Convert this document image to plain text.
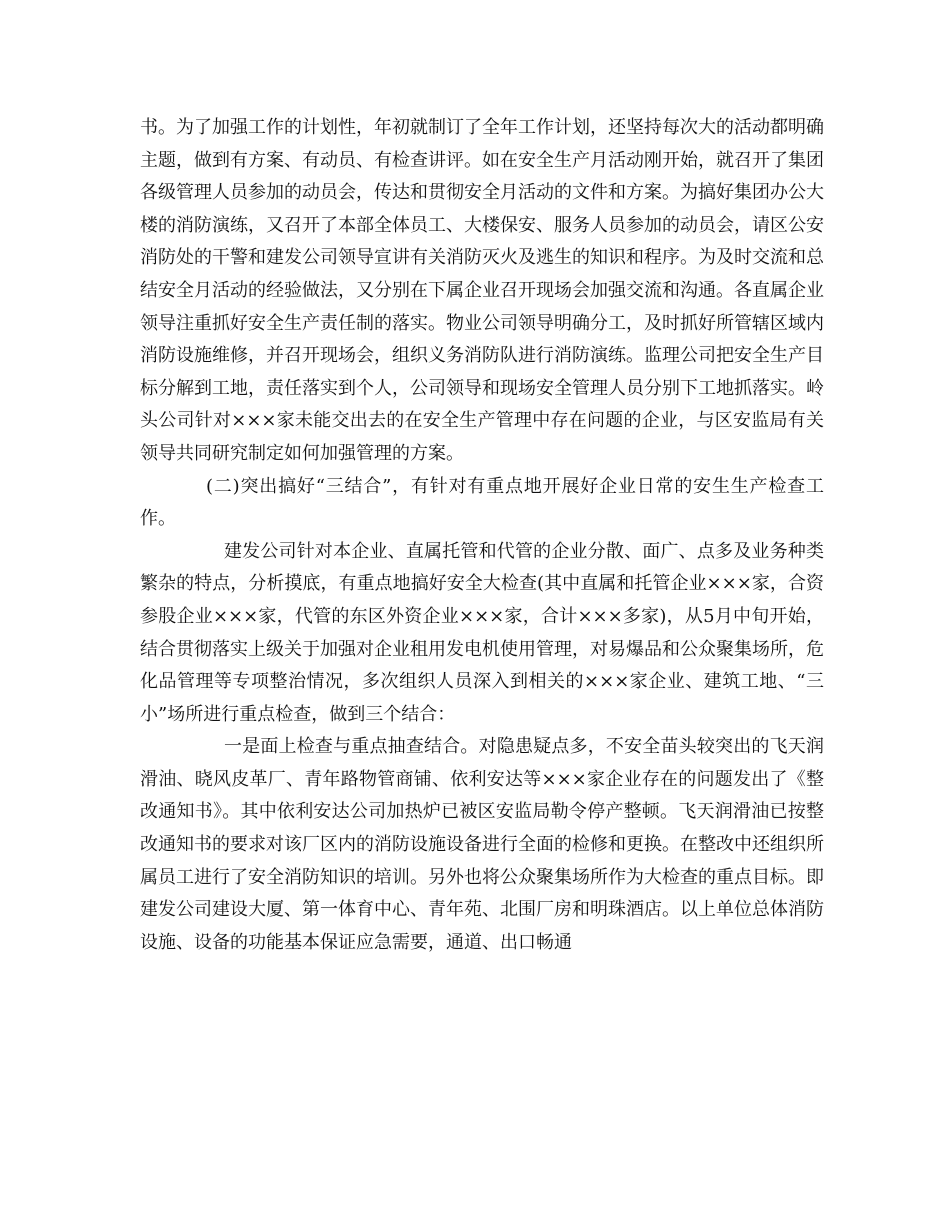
书。为了加强工作的计划性，年初就制订了全年工作计划，还坚持每次大的活动都明确主题，做到有方案、有动员、有检查讲评。如在安全生产月活动刚开始，就召开了集团各级管理人员参加的动员会，传达和贯彻安全月活动的文件和方案。为搞好集团办公大楼的消防演练，又召开了本部全体员工、大楼保安、服务人员参加的动员会，请区公安消防处的干警和建发公司领导宣讲有关消防灭火及逃生的知识和程序。为及时交流和总结安全月活动的经验做法，又分别在下属企业召开现场会加强交流和沟通。各直属企业领导注重抓好安全生产责任制的落实。物业公司领导明确分工，及时抓好所管辖区域内消防设施维修，并召开现场会，组织义务消防队进行消防演练。监理公司把安全生产目标分解到工地，责任落实到个人，公司领导和现场安全管理人员分别下工地抓落实。岭头公司针对×××家未能交出去的在安全生产管理中存在问题的企业，与区安监局有关领导共同研究制定如何加强管理的方案。

(二)突出搞好“三结合”，有针对有重点地开展好企业日常的安生生产检查工作。

建发公司针对本企业、直属托管和代管的企业分散、面广、点多及业务种类繁杂的特点，分析摸底，有重点地搞好安全大检查(其中直属和托管企业×××家，合资参股企业×××家，代管的东区外资企业×××家，合计×××多家)，从5月中旬开始，结合贯彻落实上级关于加强对企业租用发电机使用管理，对易爆品和公众聚集场所，危化品管理等专项整治情况，多次组织人员深入到相关的×××家企业、建筑工地、“三小”场所进行重点检查，做到三个结合：

一是面上检查与重点抽查结合。对隐患疑点多，不安全苗头较突出的飞天润滑油、晓风皮革厂、青年路物管商铺、依利安达等×××家企业存在的问题发出了《整改通知书》。其中依利安达公司加热炉已被区安监局勒令停产整顿。飞天润滑油已按整改通知书的要求对该厂区内的消防设施设备进行全面的检修和更换。在整改中还组织所属员工进行了安全消防知识的培训。另外也将公众聚集场所作为大检查的重点目标。即建发公司建设大厦、第一体育中心、青年苑、北围厂房和明珠酒店。以上单位总体消防设施、设备的功能基本保证应急需要，通道、出口畅通
